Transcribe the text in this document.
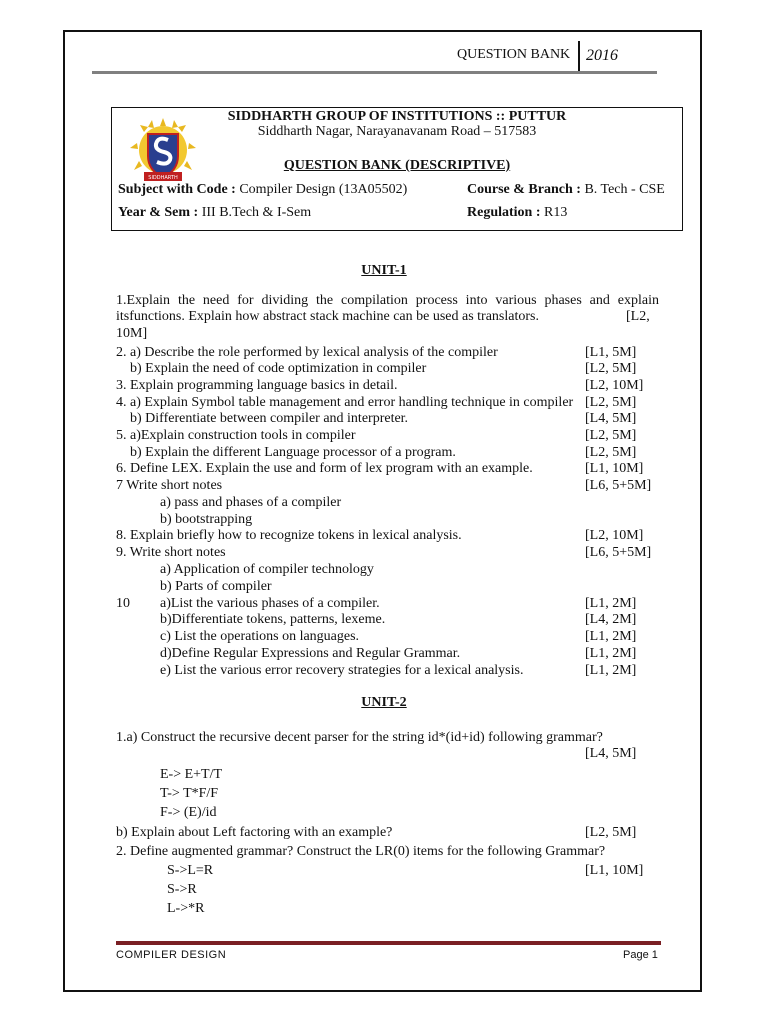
QUESTION BANK 2016
SIDDHARTH
SIDDHARTH GROUP OF INSTITUTIONS :: PUTTUR
Siddharth Nagar, Narayanavanam Road – 517583
QUESTION BANK (DESCRIPTIVE)
Subject with Code : Compiler Design (13A05502)	Course & Branch : B. Tech - CSE
Year & Sem : III B.Tech & I-Sem	Regulation : R13
UNIT-1
1.Explain the need for dividing the compilation process into various phases and explain itsfunctions. Explain how abstract stack machine can be used as translators.	[L2,
10M]
2. a) Describe the role performed by lexical analysis of the compiler	[L1, 5M]
b) Explain the need of code optimization in compiler	[L2, 5M]
3. Explain programming language basics in detail.	[L2, 10M]
4. a) Explain Symbol table management and error handling technique in compiler [L2, 5M]
b) Differentiate between compiler and interpreter.	[L4, 5M]
5. a)Explain construction tools in compiler	[L2, 5M]
b) Explain the different Language processor of a program.	[L2, 5M]
6. Define LEX. Explain the use and form of lex program with an example.	[L1, 10M]
7 Write short notes	[L6, 5+5M]
a) pass and phases of a compiler
b) bootstrapping
8. Explain briefly how to recognize tokens in lexical analysis.	[L2, 10M]
9. Write short notes	[L6, 5+5M]
a) Application of compiler technology
b) Parts of compiler
10 a)List the various phases of a compiler.	[L1, 2M]
b)Differentiate tokens, patterns, lexeme.	[L4, 2M]
c) List the operations on languages.	[L1, 2M]
d)Define Regular Expressions and Regular Grammar.	[L1, 2M]
e) List the various error recovery strategies for a lexical analysis.	[L1, 2M]
UNIT-2
1.a) Construct the recursive decent parser for the string id*(id+id) following grammar?
[L4, 5M]
E-> E+T/T
T-> T*F/F
F-> (E)/id
b) Explain about Left factoring with an example?	[L2, 5M]
2. Define augmented grammar? Construct the LR(0) items for the following Grammar?
S->L=R	[L1, 10M]
S->R
L->*R
COMPILER DESIGN	Page 1
